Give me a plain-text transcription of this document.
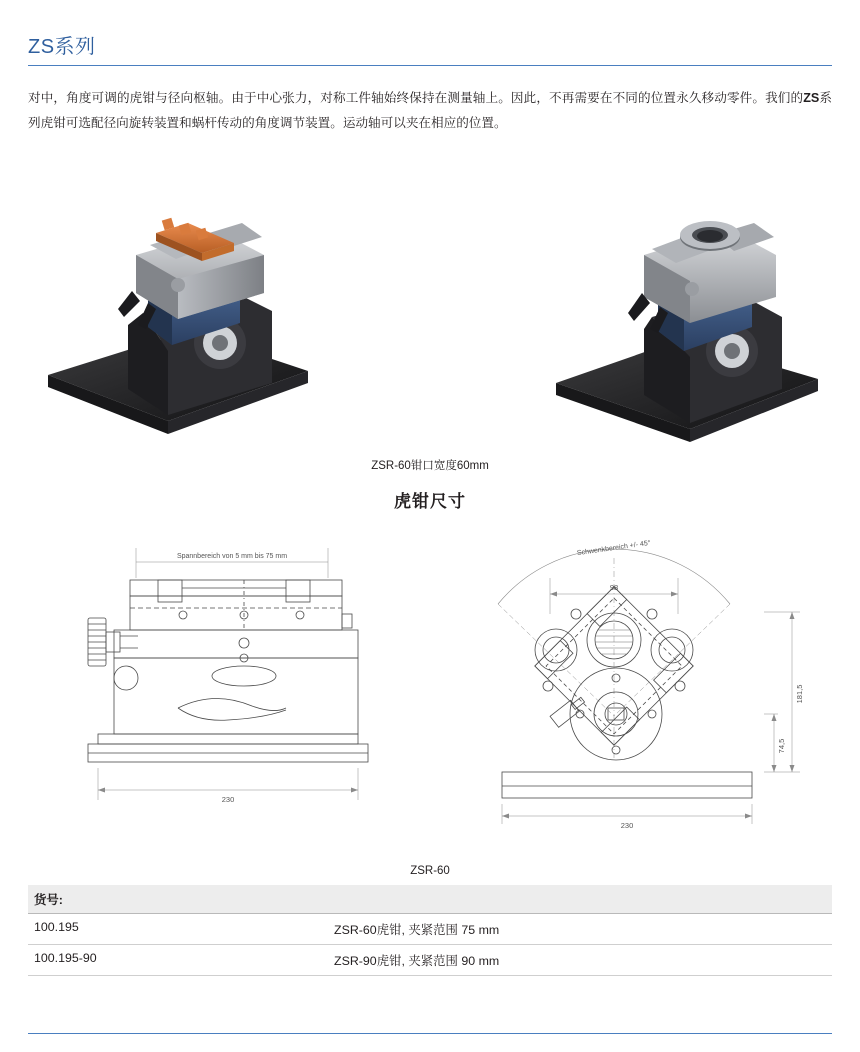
ZS系列

对中，角度可调的虎钳与径向枢轴。由于中心张力，对称工件轴始终保持在测量轴上。因此，不再需要在不同的位置永久移动零件。我们的ZS系列虎钳可选配径向旋转装置和蜗杆传动的角度调节装置。运动轴可以夹在相应的位置。

ZSR-60钳口宽度60mm
虎钳尺寸
Spannbereich von 5 mm bis 75 mm
230
Schwenkbereich +/- 45°
98
181,5
74,5
230
ZSR-60
货号:	
100.195	ZSR-60虎钳, 夹紧范围 75 mm
100.195-90	ZSR-90虎钳, 夹紧范围 90 mm
